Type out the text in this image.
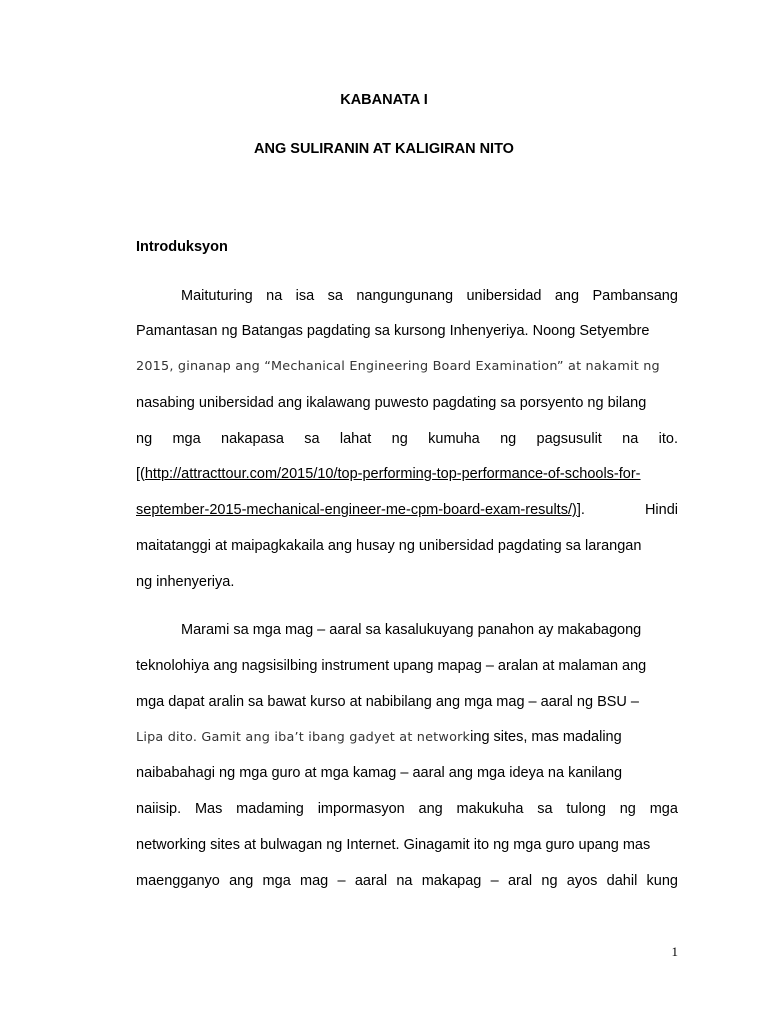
KABANATA I
ANG SULIRANIN AT KALIGIRAN NITO
Introduksyon
Maituturing na isa sa nangungunang unibersidad ang Pambansang
Pamantasan ng Batangas pagdating sa kursong Inhenyeriya. Noong Setyembre
2015, ginanap ang “Mechanical Engineering Board Examination” at nakamit ng
nasabing unibersidad ang ikalawang puwesto pagdating sa porsyento ng bilang
ng mga nakapasa sa lahat ng kumuha ng pagsusulit na ito.
[(http://attracttour.com/2015/10/top-performing-top-performance-of-schools-for-
september-2015-mechanical-engineer-me-cpm-board-exam-results/)].	Hindi
maitatanggi at maipagkakaila ang husay ng unibersidad pagdating sa larangan
ng inhenyeriya.
Marami sa mga mag – aaral sa kasalukuyang panahon ay makabagong
teknolohiya ang nagsisilbing instrument upang mapag – aralan at malaman ang
mga dapat aralin sa bawat kurso at nabibilang ang mga mag – aaral ng BSU –
Lipa dito. Gamit ang iba’t ibang gadyet at networking sites, mas madaling
naibabahagi ng mga guro at mga kamag – aaral ang mga ideya na kanilang
naiisip. Mas madaming impormasyon ang makukuha sa tulong ng mga
networking sites at bulwagan ng Internet. Ginagamit ito ng mga guro upang mas
maengganyo ang mga mag – aaral na makapag – aral ng ayos dahil kung
1
